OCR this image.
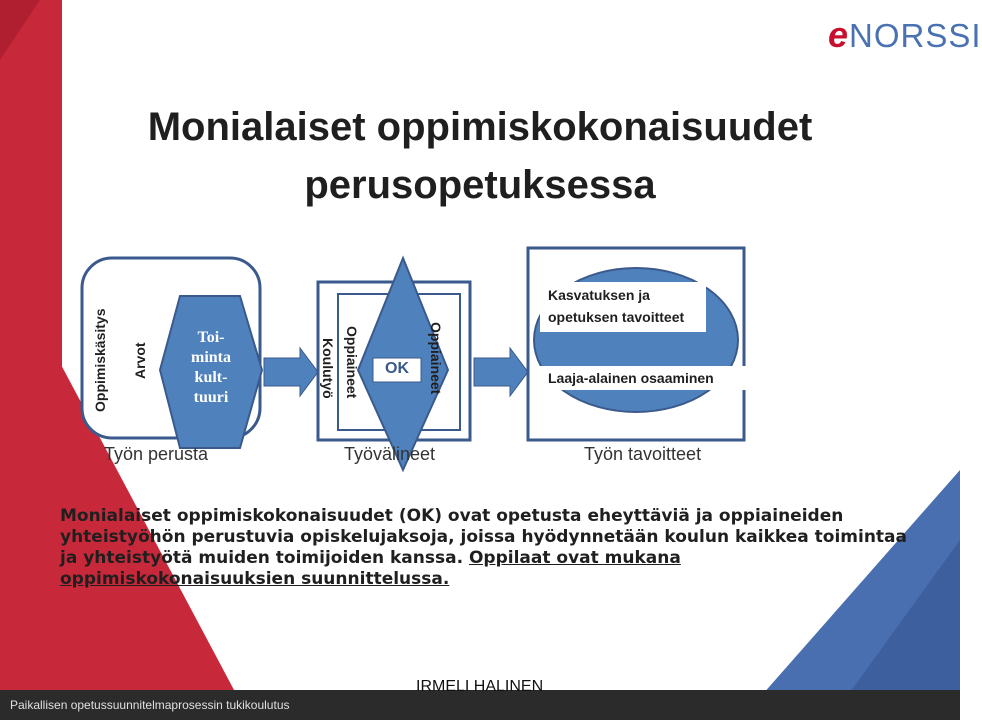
eNORSSI
Monialaiset oppimiskokonaisuudet
perusopetuksessa
Oppimiskäsitys Arvot
Toi-
minta
kult-
tuuri	Koulutyö Oppiaineet	OK	Oppiaineet
Kasvatuksen ja
opetuksen tavoitteet
Laaja-alainen osaaminen
Työn perusta	Työvälineet	Työn tavoitteet
Monialaiset oppimiskokonaisuudet (OK) ovat opetusta eheyttäviä ja oppiaineiden yhteistyöhön perustuvia opiskelujaksoja, joissa hyödynnetään koulun kaikkea toimintaa ja yhteistyötä muiden toimijoiden kanssa. Oppilaat ovat mukana oppimiskokonaisuuksien suunnittelussa.
Paikallisen opetussuunnitelmaprosessin tukikoulutus
IRMELI HALINEN
